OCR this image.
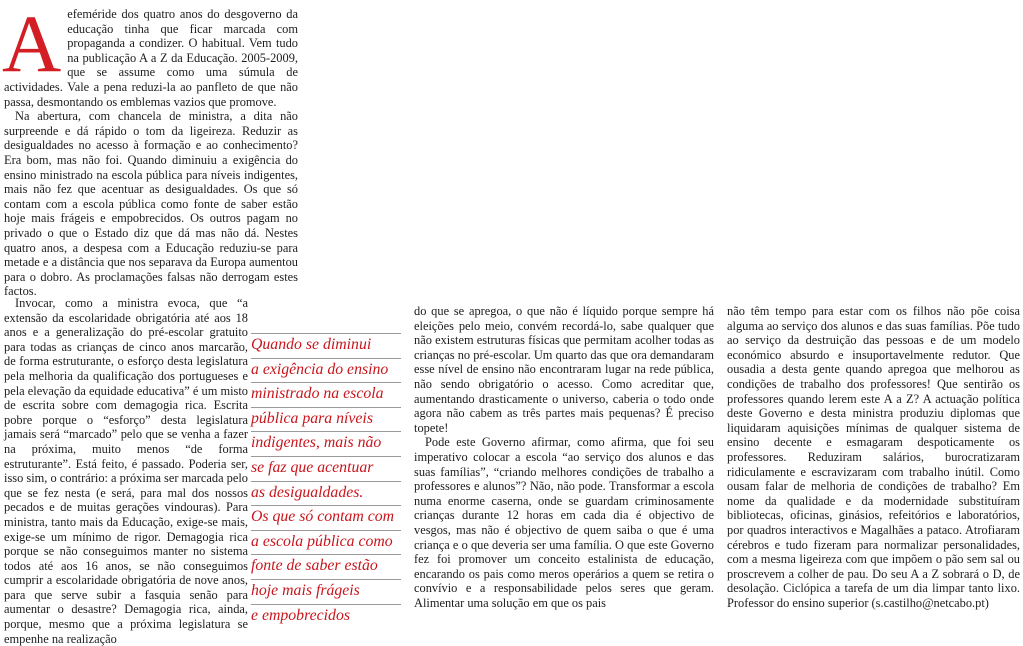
A efeméride dos quatro anos do desgoverno da educação tinha que ficar marcada com propaganda a condizer. O habitual. Vem tudo na publicação A a Z da Educação. 2005-2009, que se assume como uma súmula de actividades. Vale a pena reduzi-la ao panfleto de que não passa, desmontando os emblemas vazios que promove.

Na abertura, com chancela de ministra, a dita não surpreende e dá rápido o tom da ligeireza. Reduzir as desigualdades no acesso à formação e ao conhecimento? Era bom, mas não foi. Quando diminuiu a exigência do ensino ministrado na escola pública para níveis indigentes, mais não fez que acentuar as desigualdades. Os que só contam com a escola pública como fonte de saber estão hoje mais frágeis e empobrecidos. Os outros pagam no privado o que o Estado diz que dá mas não dá. Nestes quatro anos, a despesa com a Educação reduziu-se para metade e a distância que nos separava da Europa aumentou para o dobro. As proclamações falsas não derrogam estes factos.

Invocar, como a ministra evoca, que “a extensão da escolaridade obrigatória até aos 18 anos e a generalização do pré-escolar gratuito para todas as crianças de cinco anos marcarão, de forma estruturante, o esforço desta legislatura pela melhoria da qualificação dos portugueses e pela elevação da equidade educativa” é um misto de escrita sobre com demagogia rica. Escrita pobre porque o “esforço” desta legislatura jamais será “marcado” pelo que se venha a fazer na próxima, muito menos “de forma estruturante”. Está feito, é passado. Poderia ser, isso sim, o contrário: a próxima ser marcada pelo que se fez nesta (e será, para mal dos nossos pecados e de muitas gerações vindouras). Para ministra, tanto mais da Educação, exige-se mais, exige-se um mínimo de rigor. Demagogia rica porque se não conseguimos manter no sistema todos até aos 16 anos, se não conseguimos cumprir a escolaridade obrigatória de nove anos, para que serve subir a fasquia senão para aumentar o desastre? Demagogia rica, ainda, porque, mesmo que a próxima legislatura se empenhe na realização

Quando se diminui
a exigência do ensino
ministrado na escola
pública para níveis
indigentes, mais não
se faz que acentuar
as desigualdades.
Os que só contam com
a escola pública como
fonte de saber estão
hoje mais frágeis
e empobrecidos

do que se apregoa, o que não é líquido porque sempre há eleições pelo meio, convém recordá-lo, sabe qualquer que não existem estruturas físicas que permitam acolher todas as crianças no pré-escolar. Um quarto das que ora demandaram esse nível de ensino não encontraram lugar na rede pública, não sendo obrigatório o acesso. Como acreditar que, aumentando drasticamente o universo, caberia o todo onde agora não cabem as três partes mais pequenas? É preciso topete!

Pode este Governo afirmar, como afirma, que foi seu imperativo colocar a escola “ao serviço dos alunos e das suas famílias”, “criando melhores condições de trabalho a professores e alunos”? Não, não pode. Transformar a escola numa enorme caserna, onde se guardam criminosamente crianças durante 12 horas em cada dia é objectivo de vesgos, mas não é objectivo de quem saiba o que é uma criança e o que deveria ser uma família. O que este Governo fez foi promover um conceito estalinista de educação, encarando os pais como meros operários a quem se retira o convívio e a responsabilidade pelos seres que geram. Alimentar uma solução em que os pais

não têm tempo para estar com os filhos não põe coisa alguma ao serviço dos alunos e das suas famílias. Põe tudo ao serviço da destruição das pessoas e de um modelo económico absurdo e insuportavelmente redutor. Que ousadia a desta gente quando apregoa que melhorou as condições de trabalho dos professores! Que sentirão os professores quando lerem este A a Z? A actuação política deste Governo e desta ministra produziu diplomas que liquidaram aquisições mínimas de qualquer sistema de ensino decente e esmagaram despoticamente os professores. Reduziram salários, burocratizaram ridiculamente e escravizaram com trabalho inútil. Como ousam falar de melhoria de condições de trabalho? Em nome da qualidade e da modernidade substituíram bibliotecas, oficinas, ginásios, refeitórios e laboratórios, por quadros interactivos e Magalhães a pataco. Atrofiaram cérebros e tudo fizeram para normalizar personalidades, com a mesma ligeireza com que impõem o pão sem sal ou proscrevem a colher de pau. Do seu A a Z sobrará o D, de desolação. Ciclópica a tarefa de um dia limpar tanto lixo. Professor do ensino superior (s.castilho@netcabo.pt)
